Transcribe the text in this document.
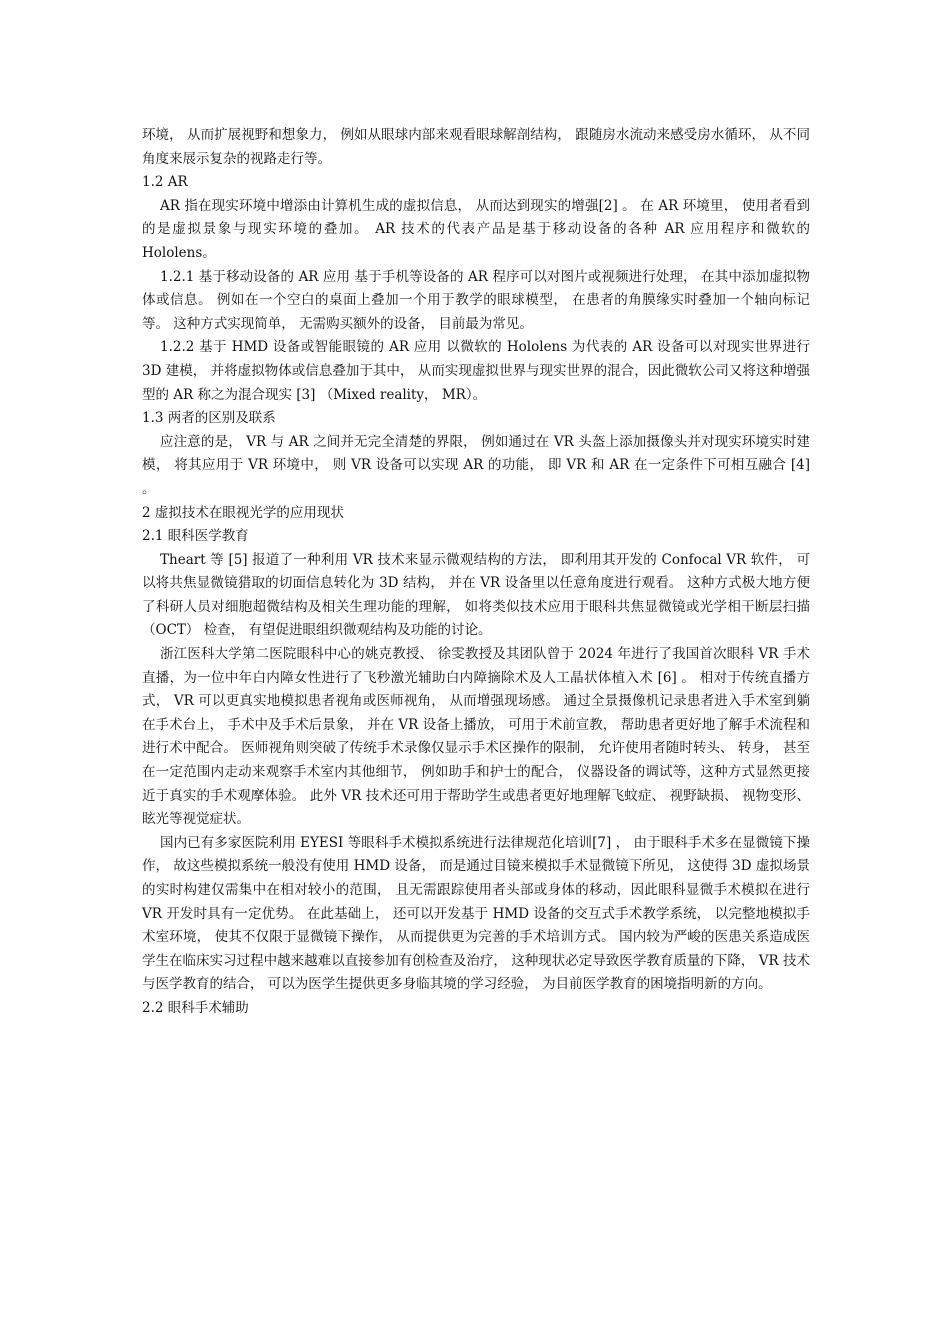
环境， 从而扩展视野和想象力， 例如从眼球内部来观看眼球解剖结构， 跟随房水流动来感受房水循环， 从不同角度来展示复杂的视路走行等。

1.2 AR

AR 指在现实环境中增添由计算机生成的虚拟信息， 从而达到现实的增强[2] 。 在 AR 环境里， 使用者看到的是虚拟景象与现实环境的叠加。 AR 技术的代表产品是基于移动设备的各种 AR 应用程序和微软的 Hololens。

1.2.1 基于移动设备的 AR 应用 基于手机等设备的 AR 程序可以对图片或视频进行处理， 在其中添加虚拟物体或信息。 例如在一个空白的桌面上叠加一个用于教学的眼球模型， 在患者的角膜缘实时叠加一个轴向标记等。 这种方式实现简单， 无需购买额外的设备， 目前最为常见。

1.2.2 基于 HMD 设备或智能眼镜的 AR 应用 以微软的 Hololens 为代表的 AR 设备可以对现实世界进行 3D 建模， 并将虚拟物体或信息叠加于其中， 从而实现虚拟世界与现实世界的混合，因此微软公司又将这种增强型的 AR 称之为混合现实 [3] （Mixed reality， MR）。

1.3 两者的区别及联系

应注意的是， VR 与 AR 之间并无完全清楚的界限， 例如通过在 VR 头盔上添加摄像头并对现实环境实时建模， 将其应用于 VR 环境中， 则 VR 设备可以实现 AR 的功能， 即 VR 和 AR 在一定条件下可相互融合 [4] 。

2 虚拟技术在眼视光学的应用现状

2.1 眼科医学教育

Theart 等 [5] 报道了一种利用 VR 技术来显示微观结构的方法， 即利用其开发的 Confocal VR 软件， 可以将共焦显微镜猎取的切面信息转化为 3D 结构， 并在 VR 设备里以任意角度进行观看。 这种方式极大地方便了科研人员对细胞超微结构及相关生理功能的理解， 如将类似技术应用于眼科共焦显微镜或光学相干断层扫描（OCT） 检查， 有望促进眼组织微观结构及功能的讨论。

浙江医科大学第二医院眼科中心的姚克教授、 徐雯教授及其团队曾于 2024 年进行了我国首次眼科 VR 手术直播，为一位中年白内障女性进行了飞秒激光辅助白内障摘除术及人工晶状体植入术 [6] 。 相对于传统直播方式， VR 可以更真实地模拟患者视角或医师视角， 从而增强现场感。 通过全景摄像机记录患者进入手术室到躺在手术台上， 手术中及手术后景象， 并在 VR 设备上播放， 可用于术前宣教， 帮助患者更好地了解手术流程和进行术中配合。 医师视角则突破了传统手术录像仅显示手术区操作的限制， 允许使用者随时转头、 转身， 甚至在一定范围内走动来观察手术室内其他细节， 例如助手和护士的配合， 仪器设备的调试等，这种方式显然更接近于真实的手术观摩体验。 此外 VR 技术还可用于帮助学生或患者更好地理解飞蚊症、 视野缺损、 视物变形、 眩光等视觉症状。

国内已有多家医院利用 EYESI 等眼科手术模拟系统进行法律规范化培训[7] ， 由于眼科手术多在显微镜下操作， 故这些模拟系统一般没有使用 HMD 设备， 而是通过目镜来模拟手术显微镜下所见， 这使得 3D 虚拟场景的实时构建仅需集中在相对较小的范围， 且无需跟踪使用者头部或身体的移动，因此眼科显微手术模拟在进行 VR 开发时具有一定优势。 在此基础上， 还可以开发基于 HMD 设备的交互式手术教学系统， 以完整地模拟手术室环境， 使其不仅限于显微镜下操作， 从而提供更为完善的手术培训方式。 国内较为严峻的医患关系造成医学生在临床实习过程中越来越难以直接参加有创检查及治疗， 这种现状必定导致医学教育质量的下降， VR 技术与医学教育的结合， 可以为医学生提供更多身临其境的学习经验， 为目前医学教育的困境指明新的方向。

2.2 眼科手术辅助
